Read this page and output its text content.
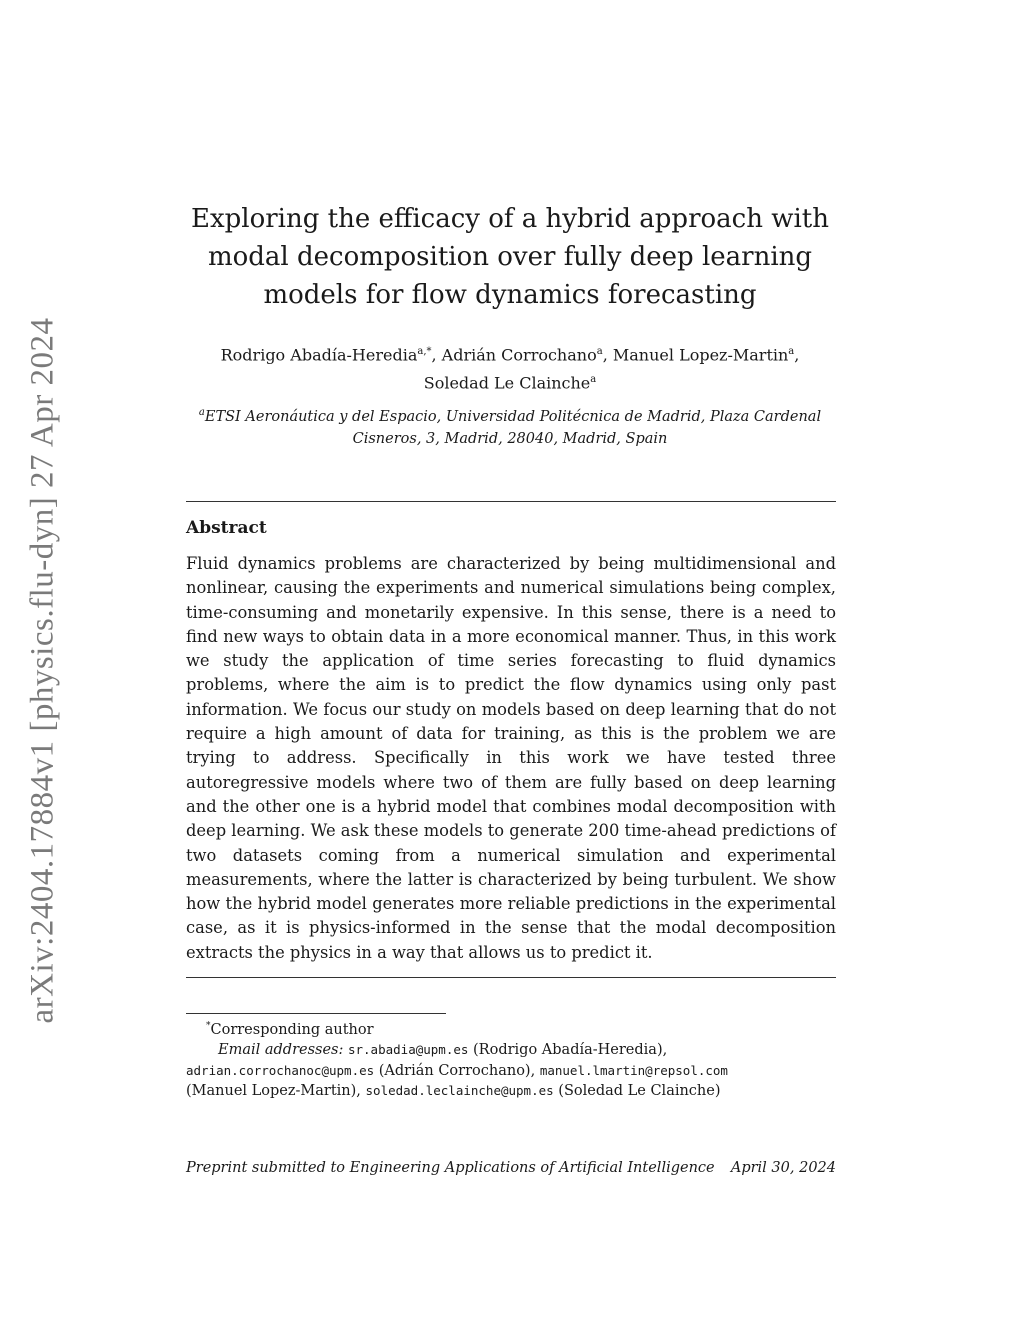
arXiv:2404.17884v1 [physics.flu-dyn] 27 Apr 2024
Exploring the efficacy of a hybrid approach with modal decomposition over fully deep learning models for flow dynamics forecasting
Rodrigo Abadía-Heredia$^{a,*}$, Adrián Corrochano$^a$, Manuel Lopez-Martin$^a$,
Soledad Le Clainche$^a$
$^a$ETSI Aeronáutica y del Espacio, Universidad Politécnica de Madrid, Plaza Cardenal Cisneros, 3, Madrid, 28040, Madrid, Spain
Abstract

Fluid dynamics problems are characterized by being multidimensional and nonlinear, causing the experiments and numerical simulations being complex, time-consuming and monetarily expensive. In this sense, there is a need to find new ways to obtain data in a more economical manner. Thus, in this work we study the application of time series forecasting to fluid dynamics problems, where the aim is to predict the flow dynamics using only past information. We focus our study on models based on deep learning that do not require a high amount of data for training, as this is the problem we are trying to address. Specifically in this work we have tested three autoregressive models where two of them are fully based on deep learning and the other one is a hybrid model that combines modal decomposition with deep learning. We ask these models to generate 200 time-ahead predictions of two datasets coming from a numerical simulation and experimental measurements, where the latter is characterized by being turbulent. We show how the hybrid model generates more reliable predictions in the experimental case, as it is physics-informed in the sense that the modal decomposition extracts the physics in a way that allows us to predict it.

*Corresponding author
Email addresses: sr.abadia@upm.es (Rodrigo Abadía-Heredia),
adrian.corrochanoc@upm.es (Adrián Corrochano), manuel.lmartin@repsol.com
(Manuel Lopez-Martin), soledad.leclainche@upm.es (Soledad Le Clainche)
Preprint submitted to Engineering Applications of Artificial Intelligence April 30, 2024
